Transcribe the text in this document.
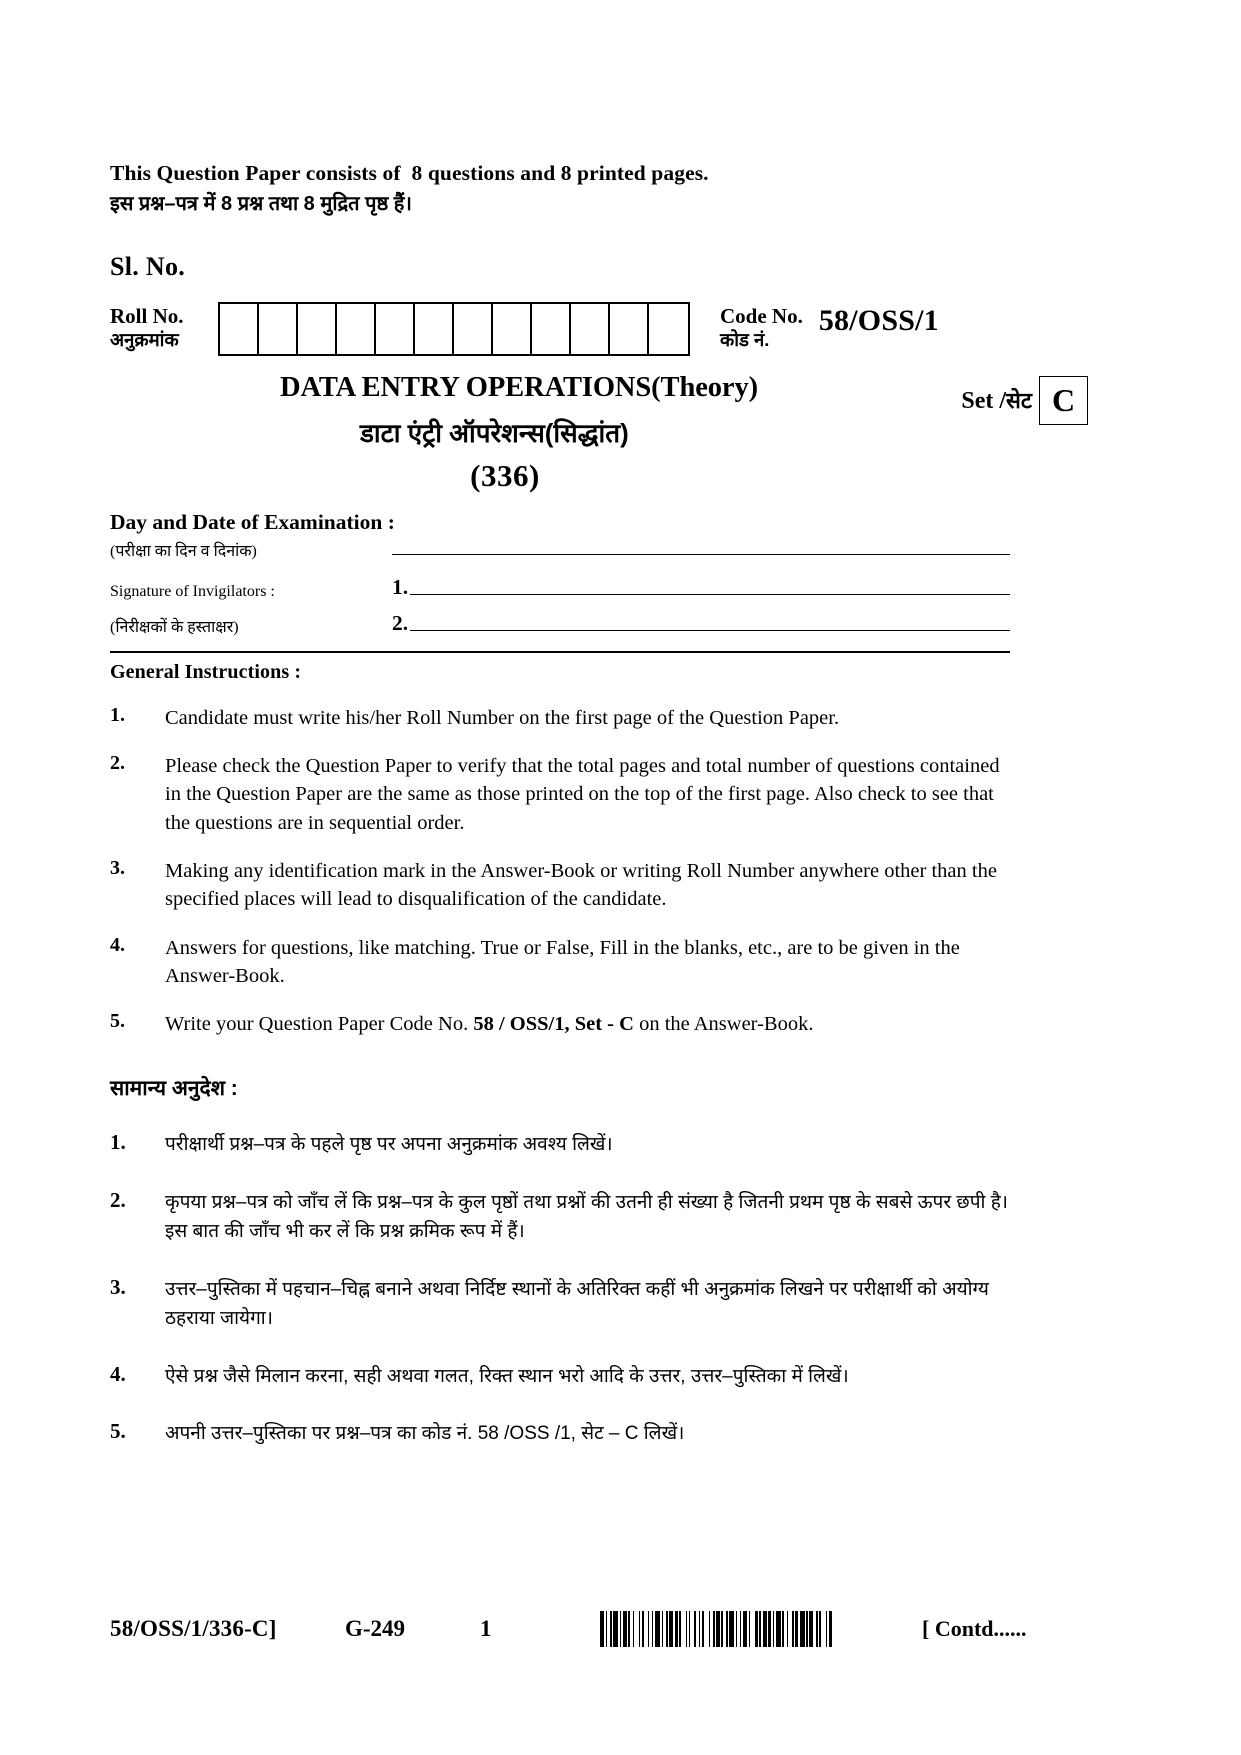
This Question Paper consists of  8 questions and 8 printed pages.
इस प्रश्न–पत्र में 8 प्रश्न तथा 8 मुद्रित पृष्ठ हैं।
Sl. No.
Roll No.
अनुक्रमांक
Code No.
कोड नं.
58/OSS/1
DATA ENTRY OPERATIONS(Theory)
डाटा एंट्री ऑपरेशन्स(सिद्धांत)
Set /सेट C
(336)
Day and Date of Examination :
(परीक्षा का दिन व दिनांक)
Signature of Invigilators :	1.
(निरीक्षकों के हस्ताक्षर)	2.
General Instructions :
1.	Candidate must write his/her Roll Number on the first page of the Question Paper.
2.	Please check the Question Paper to verify that the total pages and total number of questions contained in the Question Paper are the same as those printed on the top of the first page. Also check to see that the questions are in sequential order.
3.	Making any identification mark in the Answer-Book or writing Roll Number anywhere other than the specified places will lead to disqualification of the candidate.
4.	Answers for questions, like matching. True or False, Fill in the blanks, etc., are to be given in the Answer-Book.
5.	Write your Question Paper Code No. 58 / OSS/1, Set - C on the Answer-Book.
सामान्य अनुदेश :
1.	परीक्षार्थी प्रश्न–पत्र के पहले पृष्ठ पर अपना अनुक्रमांक अवश्य लिखें।
2.	कृपया प्रश्न–पत्र को जाँच लें कि प्रश्न–पत्र के कुल पृष्ठों तथा प्रश्नों की उतनी ही संख्या है जितनी प्रथम पृष्ठ के सबसे ऊपर छपी है। इस बात की जाँच भी कर लें कि प्रश्न क्रमिक रूप में हैं।
3.	उत्तर–पुस्तिका में पहचान–चिह्न बनाने अथवा निर्दिष्ट स्थानों के अतिरिक्त कहीं भी अनुक्रमांक लिखने पर परीक्षार्थी को अयोग्य ठहराया जायेगा।
4.	ऐसे प्रश्न जैसे मिलान करना, सही अथवा गलत, रिक्त स्थान भरो आदि के उत्तर, उत्तर–पुस्तिका में लिखें।
5.	अपनी उत्तर–पुस्तिका पर प्रश्न–पत्र का कोड नं. 58 /OSS /1, सेट – C लिखें।
58/OSS/1/336-C]	G-249	1	[ Contd......
